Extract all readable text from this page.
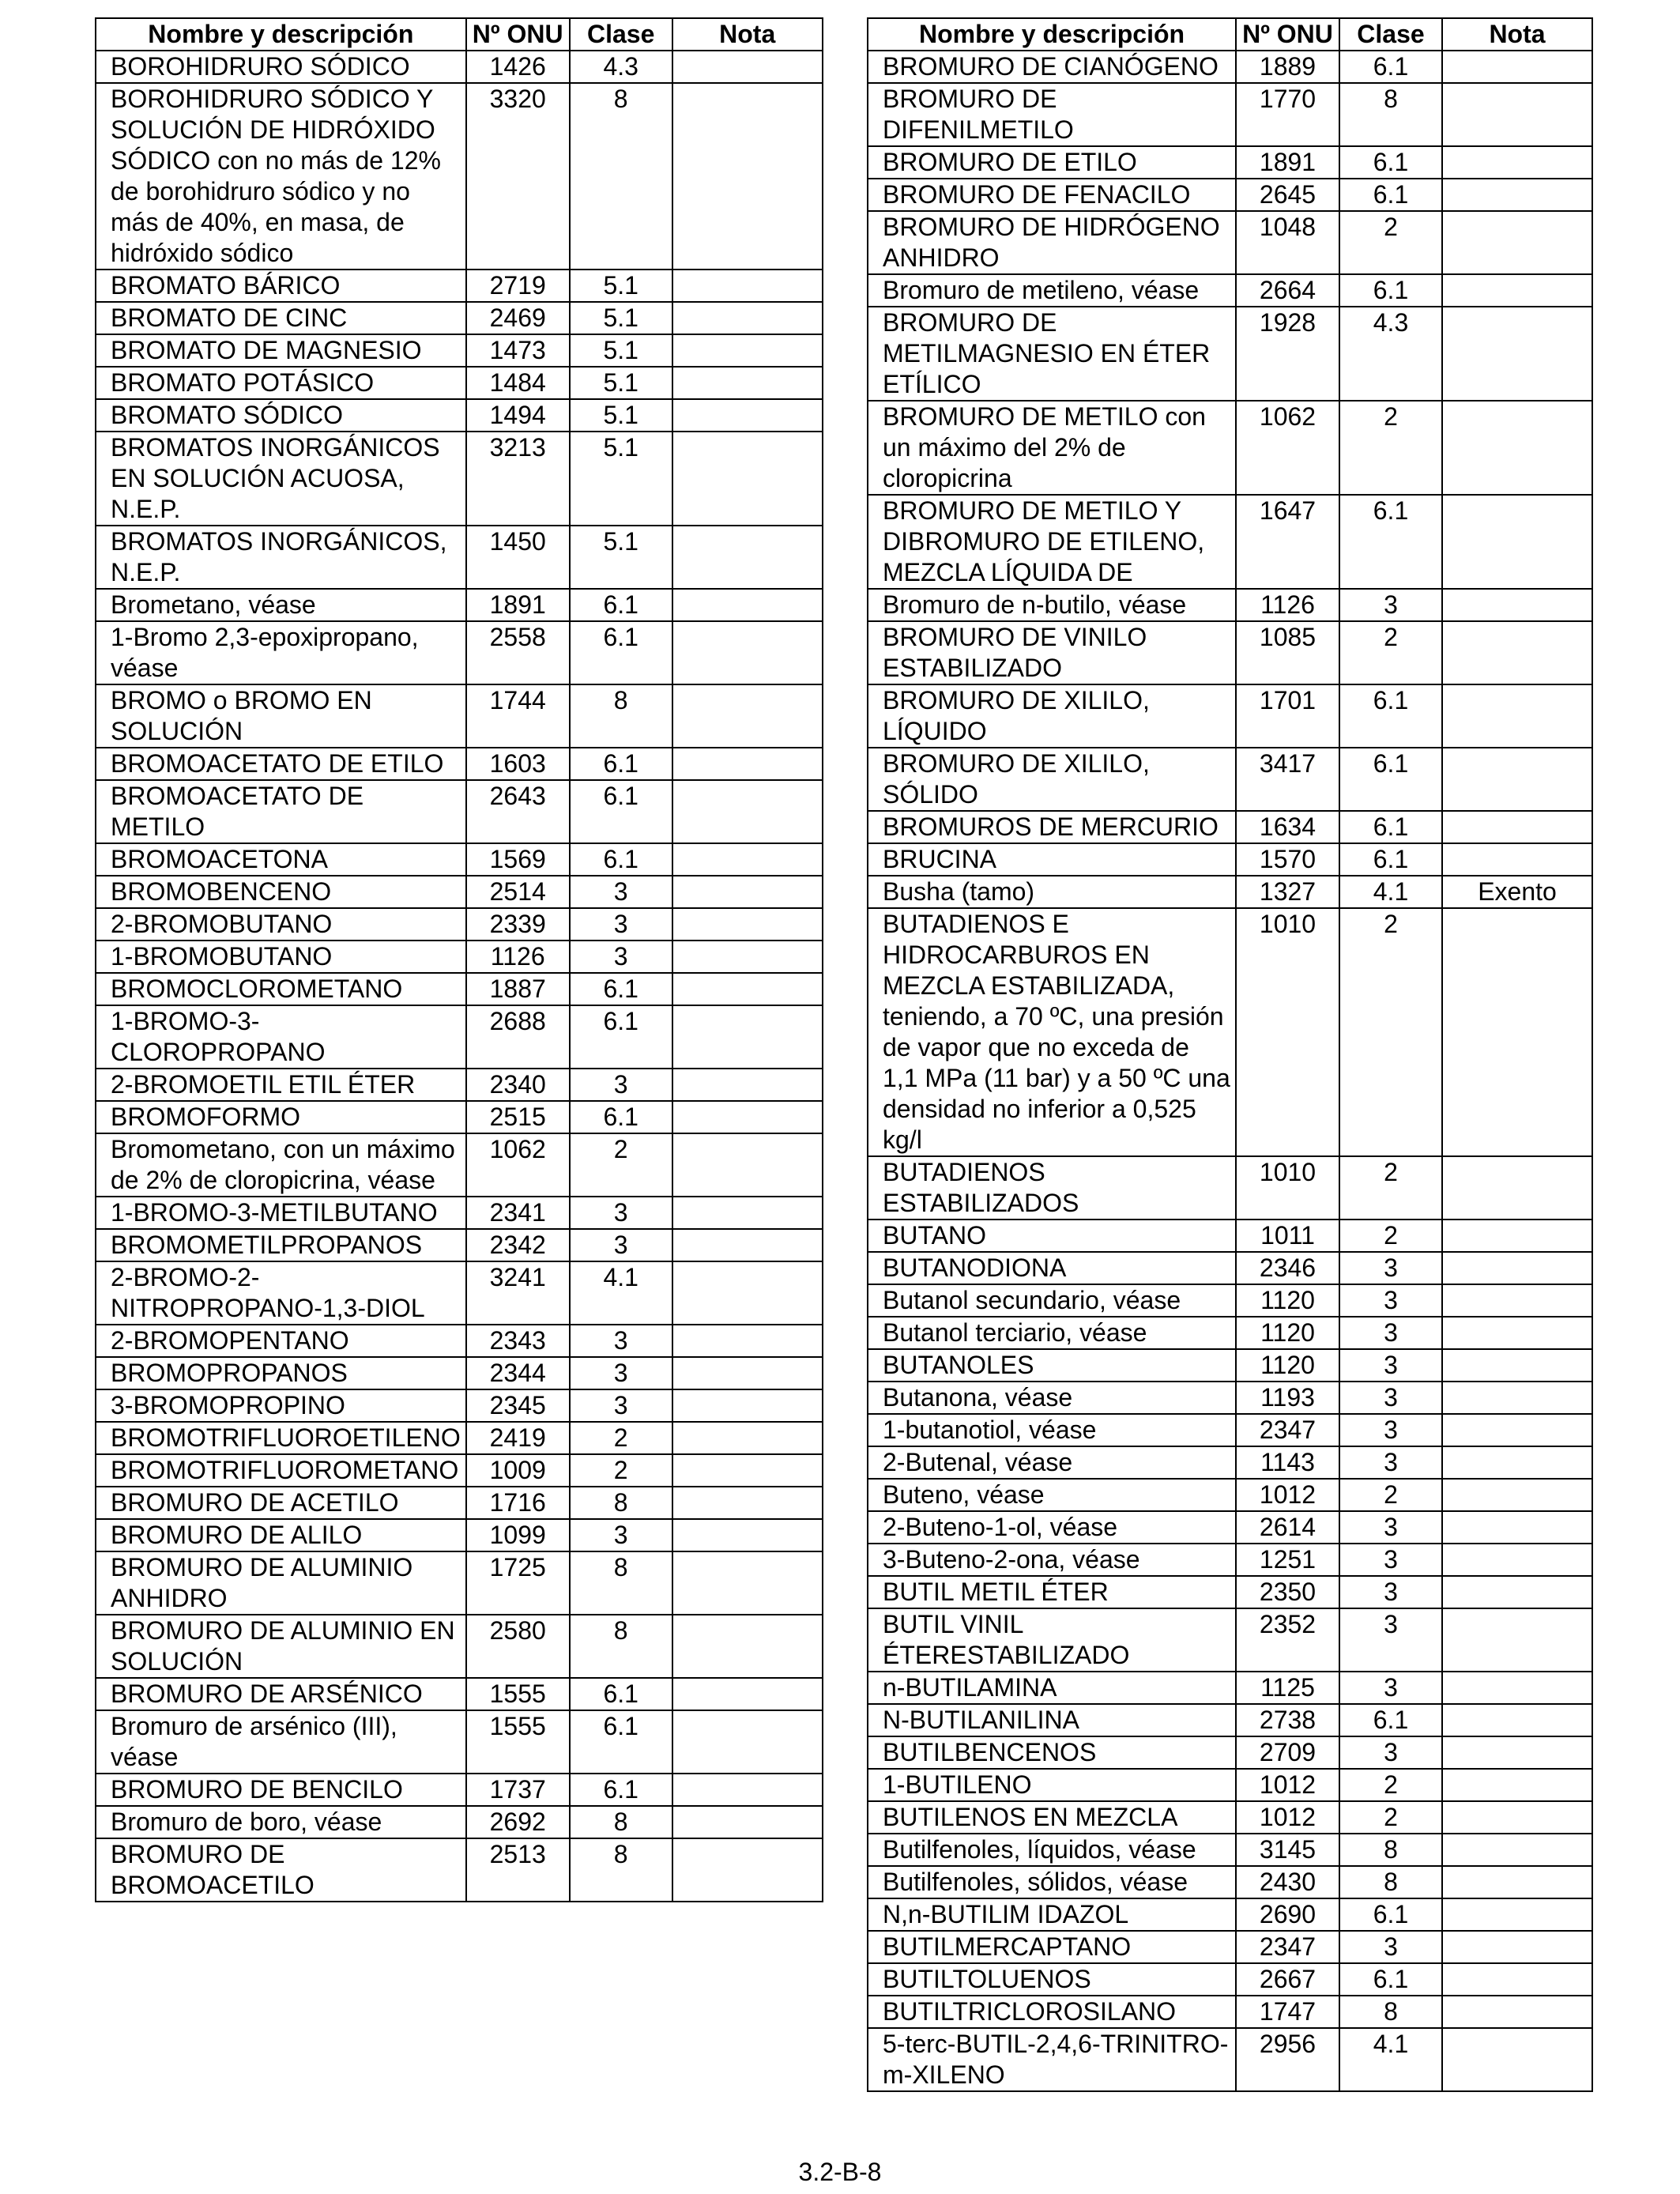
Nombre y descripción	Nº ONU	Clase	Nota
BOROHIDRURO SÓDICO	1426	4.3	
BOROHIDRURO SÓDICO Y SOLUCIÓN DE HIDRÓXIDO SÓDICO con no más de 12% de borohidruro sódico y no más de 40%, en masa, de hidróxido sódico	3320	8	
BROMATO BÁRICO	2719	5.1	
BROMATO DE CINC	2469	5.1	
BROMATO DE MAGNESIO	1473	5.1	
BROMATO POTÁSICO	1484	5.1	
BROMATO SÓDICO	1494	5.1	
BROMATOS INORGÁNICOS EN SOLUCIÓN ACUOSA, N.E.P.	3213	5.1	
BROMATOS INORGÁNICOS, N.E.P.	1450	5.1	
Brometano, véase	1891	6.1	
1-Bromo 2,3-epoxipropano, véase	2558	6.1	
BROMO o BROMO EN SOLUCIÓN	1744	8	
BROMOACETATO DE ETILO	1603	6.1	
BROMOACETATO DE METILO	2643	6.1	
BROMOACETONA	1569	6.1	
BROMOBENCENO	2514	3	
2-BROMOBUTANO	2339	3	
1-BROMOBUTANO	1126	3	
BROMOCLOROMETANO	1887	6.1	
1-BROMO-3-CLOROPROPANO	2688	6.1	
2-BROMOETIL ETIL ÉTER	2340	3	
BROMOFORMO	2515	6.1	
Bromometano, con un máximo de 2% de cloropicrina, véase	1062	2	
1-BROMO-3-METILBUTANO	2341	3	
BROMOMETILPROPANOS	2342	3	
2-BROMO-2-NITROPROPANO-1,3-DIOL	3241	4.1	
2-BROMOPENTANO	2343	3	
BROMOPROPANOS	2344	3	
3-BROMOPROPINO	2345	3	
BROMOTRIFLUOROETILENO	2419	2	
BROMOTRIFLUOROMETANO	1009	2	
BROMURO DE ACETILO	1716	8	
BROMURO DE ALILO	1099	3	
BROMURO DE ALUMINIO ANHIDRO	1725	8	
BROMURO DE ALUMINIO EN SOLUCIÓN	2580	8	
BROMURO DE ARSÉNICO	1555	6.1	
Bromuro de arsénico (III), véase	1555	6.1	
BROMURO DE BENCILO	1737	6.1	
Bromuro de boro, véase	2692	8	
BROMURO DE BROMOACETILO	2513	8	
Nombre y descripción	Nº ONU	Clase	Nota
BROMURO DE CIANÓGENO	1889	6.1	
BROMURO DE DIFENILMETILO	1770	8	
BROMURO DE ETILO	1891	6.1	
BROMURO DE FENACILO	2645	6.1	
BROMURO DE HIDRÓGENO ANHIDRO	1048	2	
Bromuro de metileno, véase	2664	6.1	
BROMURO DE METILMAGNESIO EN ÉTER ETÍLICO	1928	4.3	
BROMURO DE METILO con un máximo del 2% de cloropicrina	1062	2	
BROMURO DE METILO Y DIBROMURO DE ETILENO, MEZCLA LÍQUIDA DE	1647	6.1	
Bromuro de n-butilo, véase	1126	3	
BROMURO DE VINILO ESTABILIZADO	1085	2	
BROMURO DE XILILO, LÍQUIDO	1701	6.1	
BROMURO DE XILILO, SÓLIDO	3417	6.1	
BROMUROS DE MERCURIO	1634	6.1	
BRUCINA	1570	6.1	
Busha (tamo)	1327	4.1	Exento
BUTADIENOS E HIDROCARBUROS EN MEZCLA ESTABILIZADA, teniendo, a 70 ºC, una presión de vapor que no exceda de 1,1 MPa (11 bar) y a 50 ºC una densidad no inferior a 0,525 kg/l	1010	2	
BUTADIENOS ESTABILIZADOS	1010	2	
BUTANO	1011	2	
BUTANODIONA	2346	3	
Butanol secundario, véase	1120	3	
Butanol terciario, véase	1120	3	
BUTANOLES	1120	3	
Butanona, véase	1193	3	
1-butanotiol, véase	2347	3	
2-Butenal, véase	1143	3	
Buteno, véase	1012	2	
2-Buteno-1-ol, véase	2614	3	
3-Buteno-2-ona, véase	1251	3	
BUTIL METIL ÉTER	2350	3	
BUTIL VINIL ÉTERESTABILIZADO	2352	3	
n-BUTILAMINA	1125	3	
N-BUTILANILINA	2738	6.1	
BUTILBENCENOS	2709	3	
1-BUTILENO	1012	2	
BUTILENOS EN MEZCLA	1012	2	
Butilfenoles, líquidos, véase	3145	8	
Butilfenoles, sólidos, véase	2430	8	
N,n-BUTILIM IDAZOL	2690	6.1	
BUTILMERCAPTANO	2347	3	
BUTILTOLUENOS	2667	6.1	
BUTILTRICLOROSILANO	1747	8	
5-terc-BUTIL-2,4,6-TRINITRO-m-XILENO	2956	4.1	
3.2-B-8
